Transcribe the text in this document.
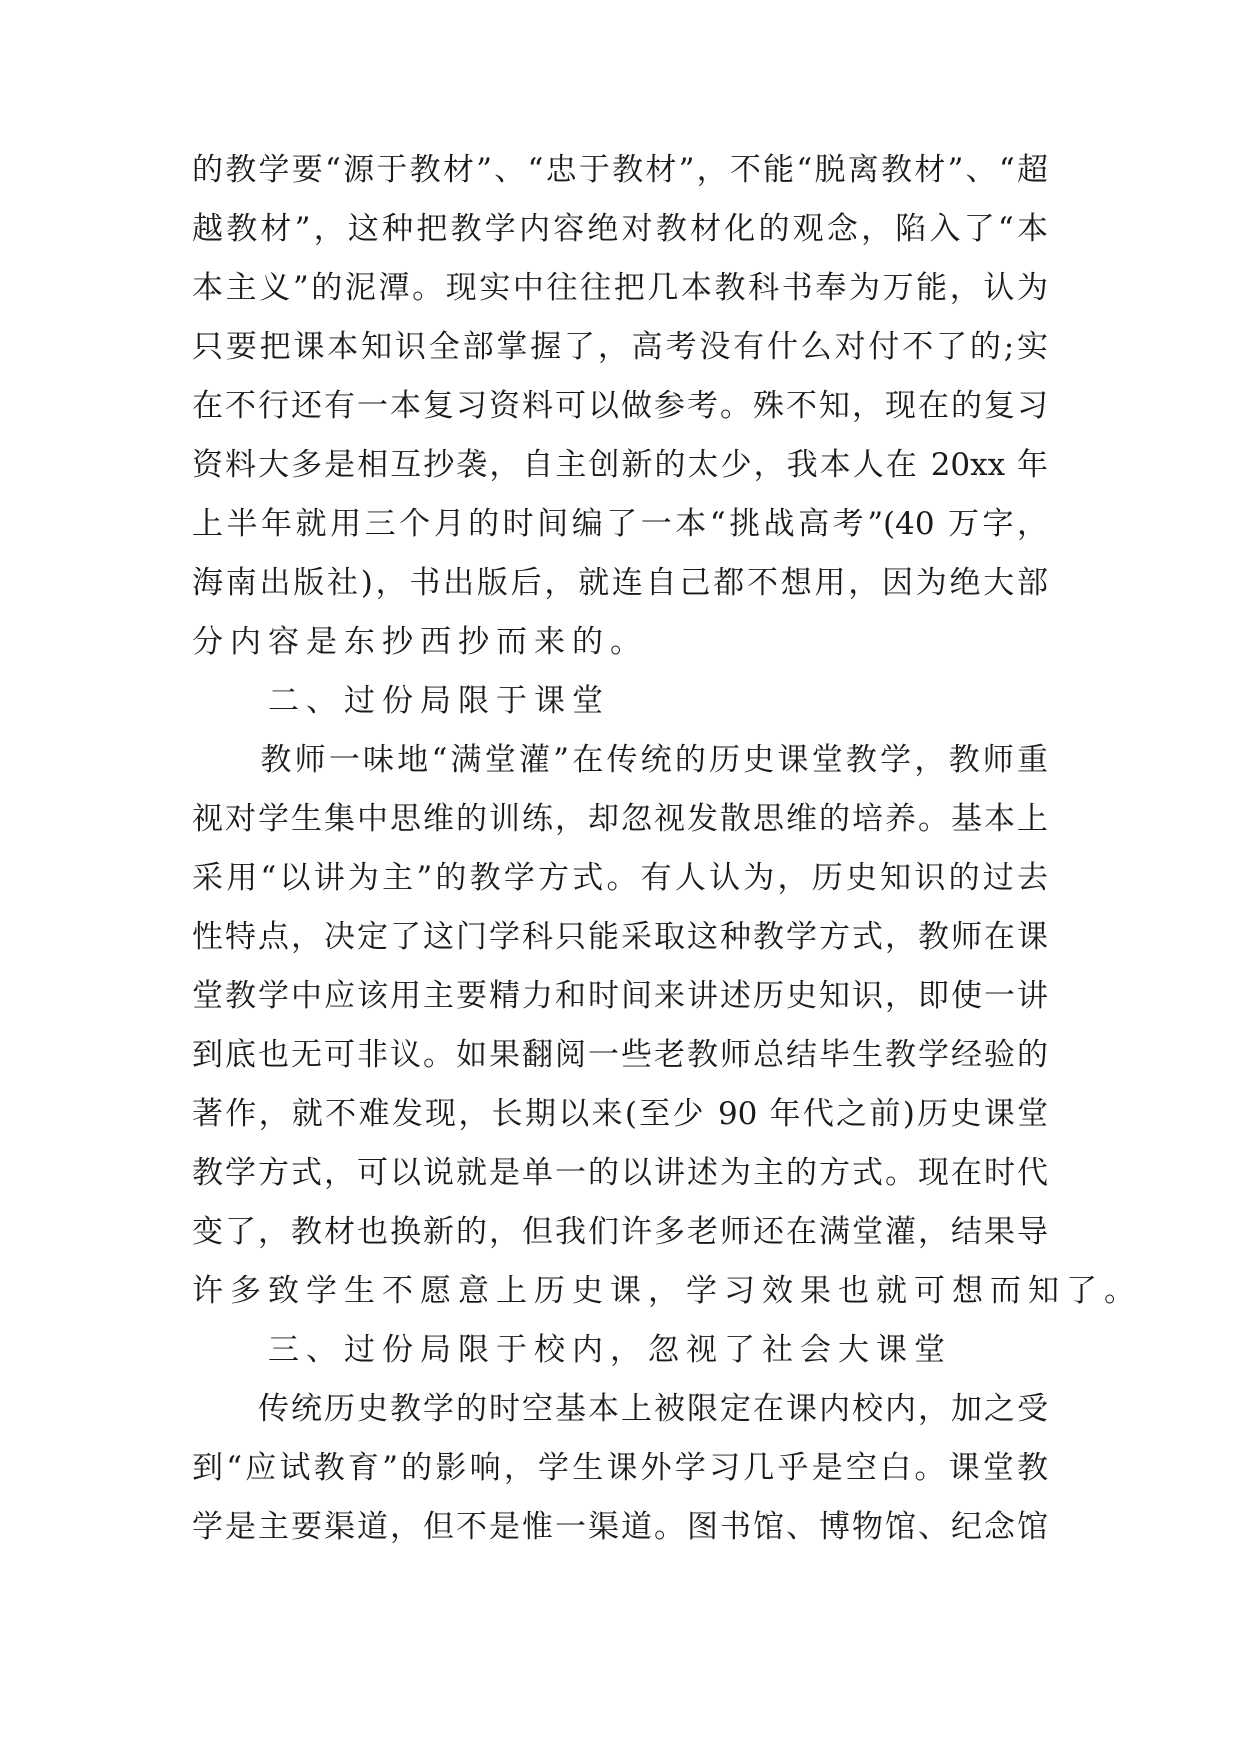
的教学要“源于教材”、“忠于教材”，不能“脱离教材”、“超
越教材”，这种把教学内容绝对教材化的观念，陷入了“本
本主义”的泥潭。现实中往往把几本教科书奉为万能，认为
只要把课本知识全部掌握了，高考没有什么对付不了的;实
在不行还有一本复习资料可以做参考。殊不知，现在的复习
资料大多是相互抄袭，自主创新的太少，我本人在 20xx 年
上半年就用三个月的时间编了一本“挑战高考”(40 万字，
海南出版社)，书出版后，就连自己都不想用，因为绝大部
分内容是东抄西抄而来的。
　　二、过份局限于课堂
　　教师一味地“满堂灌”在传统的历史课堂教学，教师重
视对学生集中思维的训练，却忽视发散思维的培养。基本上
采用“以讲为主”的教学方式。有人认为，历史知识的过去
性特点，决定了这门学科只能采取这种教学方式，教师在课
堂教学中应该用主要精力和时间来讲述历史知识，即使一讲
到底也无可非议。如果翻阅一些老教师总结毕生教学经验的
著作，就不难发现，长期以来(至少 90 年代之前)历史课堂
教学方式，可以说就是单一的以讲述为主的方式。现在时代
变了，教材也换新的，但我们许多老师还在满堂灌，结果导
许多致学生不愿意上历史课，学习效果也就可想而知了。
　　三、过份局限于校内，忽视了社会大课堂
　　传统历史教学的时空基本上被限定在课内校内，加之受
到“应试教育”的影响，学生课外学习几乎是空白。课堂教
学是主要渠道，但不是惟一渠道。图书馆、博物馆、纪念馆
